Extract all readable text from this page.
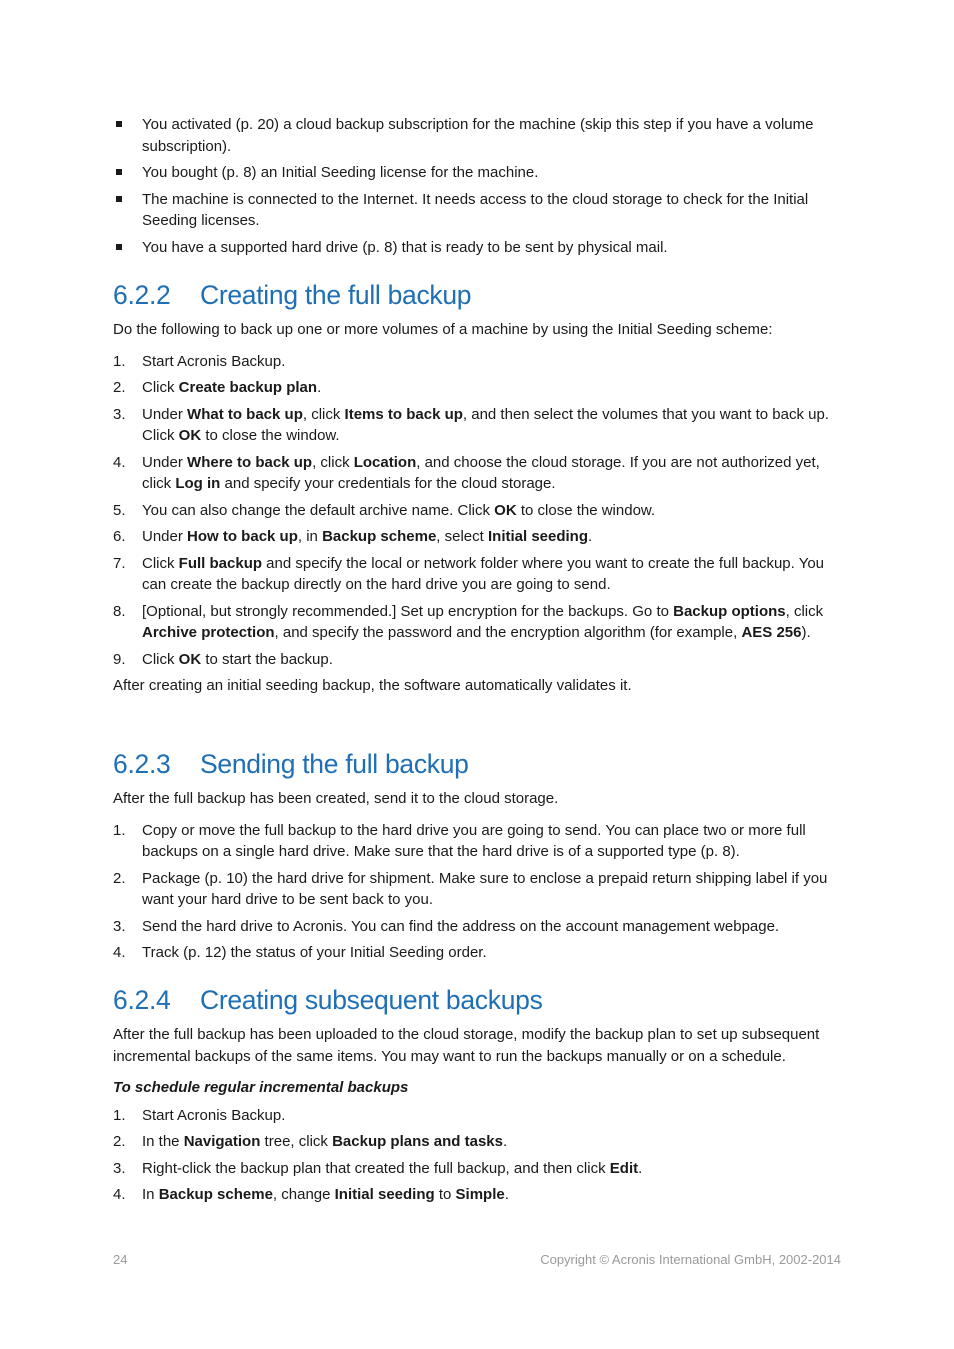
You activated (p. 20) a cloud backup subscription for the machine (skip this step if you have a volume subscription).
You bought (p. 8) an Initial Seeding license for the machine.
The machine is connected to the Internet. It needs access to the cloud storage to check for the Initial Seeding licenses.
You have a supported hard drive (p. 8) that is ready to be sent by physical mail.
6.2.2 Creating the full backup

Do the following to back up one or more volumes of a machine by using the Initial Seeding scheme:

1. Start Acronis Backup.
2. Click Create backup plan.
3. Under What to back up, click Items to back up, and then select the volumes that you want to back up. Click OK to close the window.
4. Under Where to back up, click Location, and choose the cloud storage. If you are not authorized yet, click Log in and specify your credentials for the cloud storage.
5. You can also change the default archive name. Click OK to close the window.
6. Under How to back up, in Backup scheme, select Initial seeding.
7. Click Full backup and specify the local or network folder where you want to create the full backup. You can create the backup directly on the hard drive you are going to send.
8. [Optional, but strongly recommended.] Set up encryption for the backups. Go to Backup options, click Archive protection, and specify the password and the encryption algorithm (for example, AES 256).
9. Click OK to start the backup.

After creating an initial seeding backup, the software automatically validates it.

6.2.3 Sending the full backup

After the full backup has been created, send it to the cloud storage.

1. Copy or move the full backup to the hard drive you are going to send. You can place two or more full backups on a single hard drive. Make sure that the hard drive is of a supported type (p. 8).
2. Package (p. 10) the hard drive for shipment. Make sure to enclose a prepaid return shipping label if you want your hard drive to be sent back to you.
3. Send the hard drive to Acronis. You can find the address on the account management webpage.
4. Track (p. 12) the status of your Initial Seeding order.
6.2.4 Creating subsequent backups

After the full backup has been uploaded to the cloud storage, modify the backup plan to set up subsequent incremental backups of the same items. You may want to run the backups manually or on a schedule.

To schedule regular incremental backups
1. Start Acronis Backup.
2. In the Navigation tree, click Backup plans and tasks.
3. Right-click the backup plan that created the full backup, and then click Edit.
4. In Backup scheme, change Initial seeding to Simple.
24	Copyright © Acronis International GmbH, 2002-2014
